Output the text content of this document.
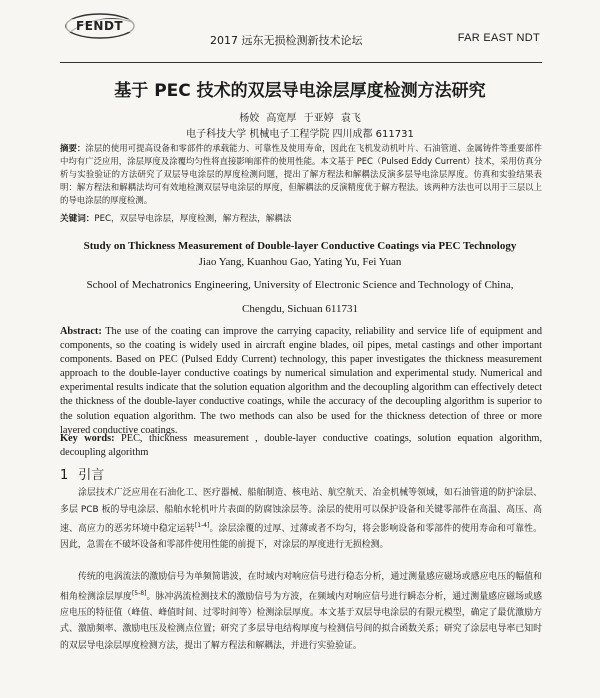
FENDT
2017 远东无损检测新技术论坛	FAR EAST NDT
基于 PEC 技术的双层导电涂层厚度检测方法研究
杨姣 高宽厚 于亚婷 袁飞
电子科技大学 机械电子工程学院 四川成都 611731
摘要：涂层的使用可提高设备和零部件的承载能力、可靠性及使用寿命，因此在飞机发动机叶片、石油管道、金属铸件等重要部件中均有广泛应用，涂层厚度及涂覆均匀性将直接影响部件的使用性能。本文基于 PEC（Pulsed Eddy Current）技术，采用仿真分析与实验验证的方法研究了双层导电涂层的厚度检测问题，提出了解方程法和解耦法反演多层导电涂层厚度。仿真和实验结果表明：解方程法和解耦法均可有效地检测双层导电涂层的厚度，但解耦法的反演精度优于解方程法。该两种方法也可以用于三层以上的导电涂层的厚度检测。
关键词：PEC，双层导电涂层，厚度检测，解方程法，解耦法
Study on Thickness Measurement of Double-layer Conductive Coatings via PEC Technology
Jiao Yang, Kuanhou Gao, Yating Yu, Fei Yuan
School of Mechatronics Engineering, University of Electronic Science and Technology of China,
Chengdu, Sichuan 611731
Abstract: The use of the coating can improve the carrying capacity, reliability and service life of equipment and components, so the coating is widely used in aircraft engine blades, oil pipes, metal castings and other important components. Based on PEC (Pulsed Eddy Current) technology, this paper investigates the thickness measurement approach to the double-layer conductive coatings by numerical simulation and experimental study. Numerical and experimental results indicate that the solution equation algorithm and the decoupling algorithm can effectively detect the thickness of the double-layer conductive coatings, while the accuracy of the decoupling algorithm is superior to the solution equation algorithm. The two methods can also be used for the thickness detection of three or more layered conductive coatings.
Key words: PEC, thickness measurement , double-layer conductive coatings, solution equation algorithm, decoupling algorithm
1 引言
涂层技术广泛应用在石油化工、医疗器械、船舶制造、核电站、航空航天、冶金机械等领域，如石油管道的防护涂层、多层 PCB 板的导电涂层、船舶水轮机叶片表面的防腐蚀涂层等。涂层的使用可以保护设备和关键零部件在高温、高压、高速、高应力的恶劣环境中稳定运转[1-4]。涂层涂覆的过厚、过薄或者不均匀，将会影响设备和零部件的使用寿命和可靠性。因此，急需在不破坏设备和零部件使用性能的前提下，对涂层的厚度进行无损检测。
传统的电涡流法的激励信号为单频简谐波，在时域内对响应信号进行稳态分析，通过测量感应磁场或感应电压的幅值和相角检测涂层厚度[5-8]。脉冲涡流检测技术的激励信号为方波，在频域内对响应信号进行瞬态分析，通过测量感应磁场或感应电压的特征值（峰值、峰值时间、过零时间等）检测涂层厚度。本文基于双层导电涂层的有限元模型，确定了最优激励方式、激励频率、激励电压及检测点位置；研究了多层导电结构厚度与检测信号间的拟合函数关系；研究了涂层电导率已知时的双层导电涂层厚度检测方法，提出了解方程法和解耦法，并进行实验验证。
